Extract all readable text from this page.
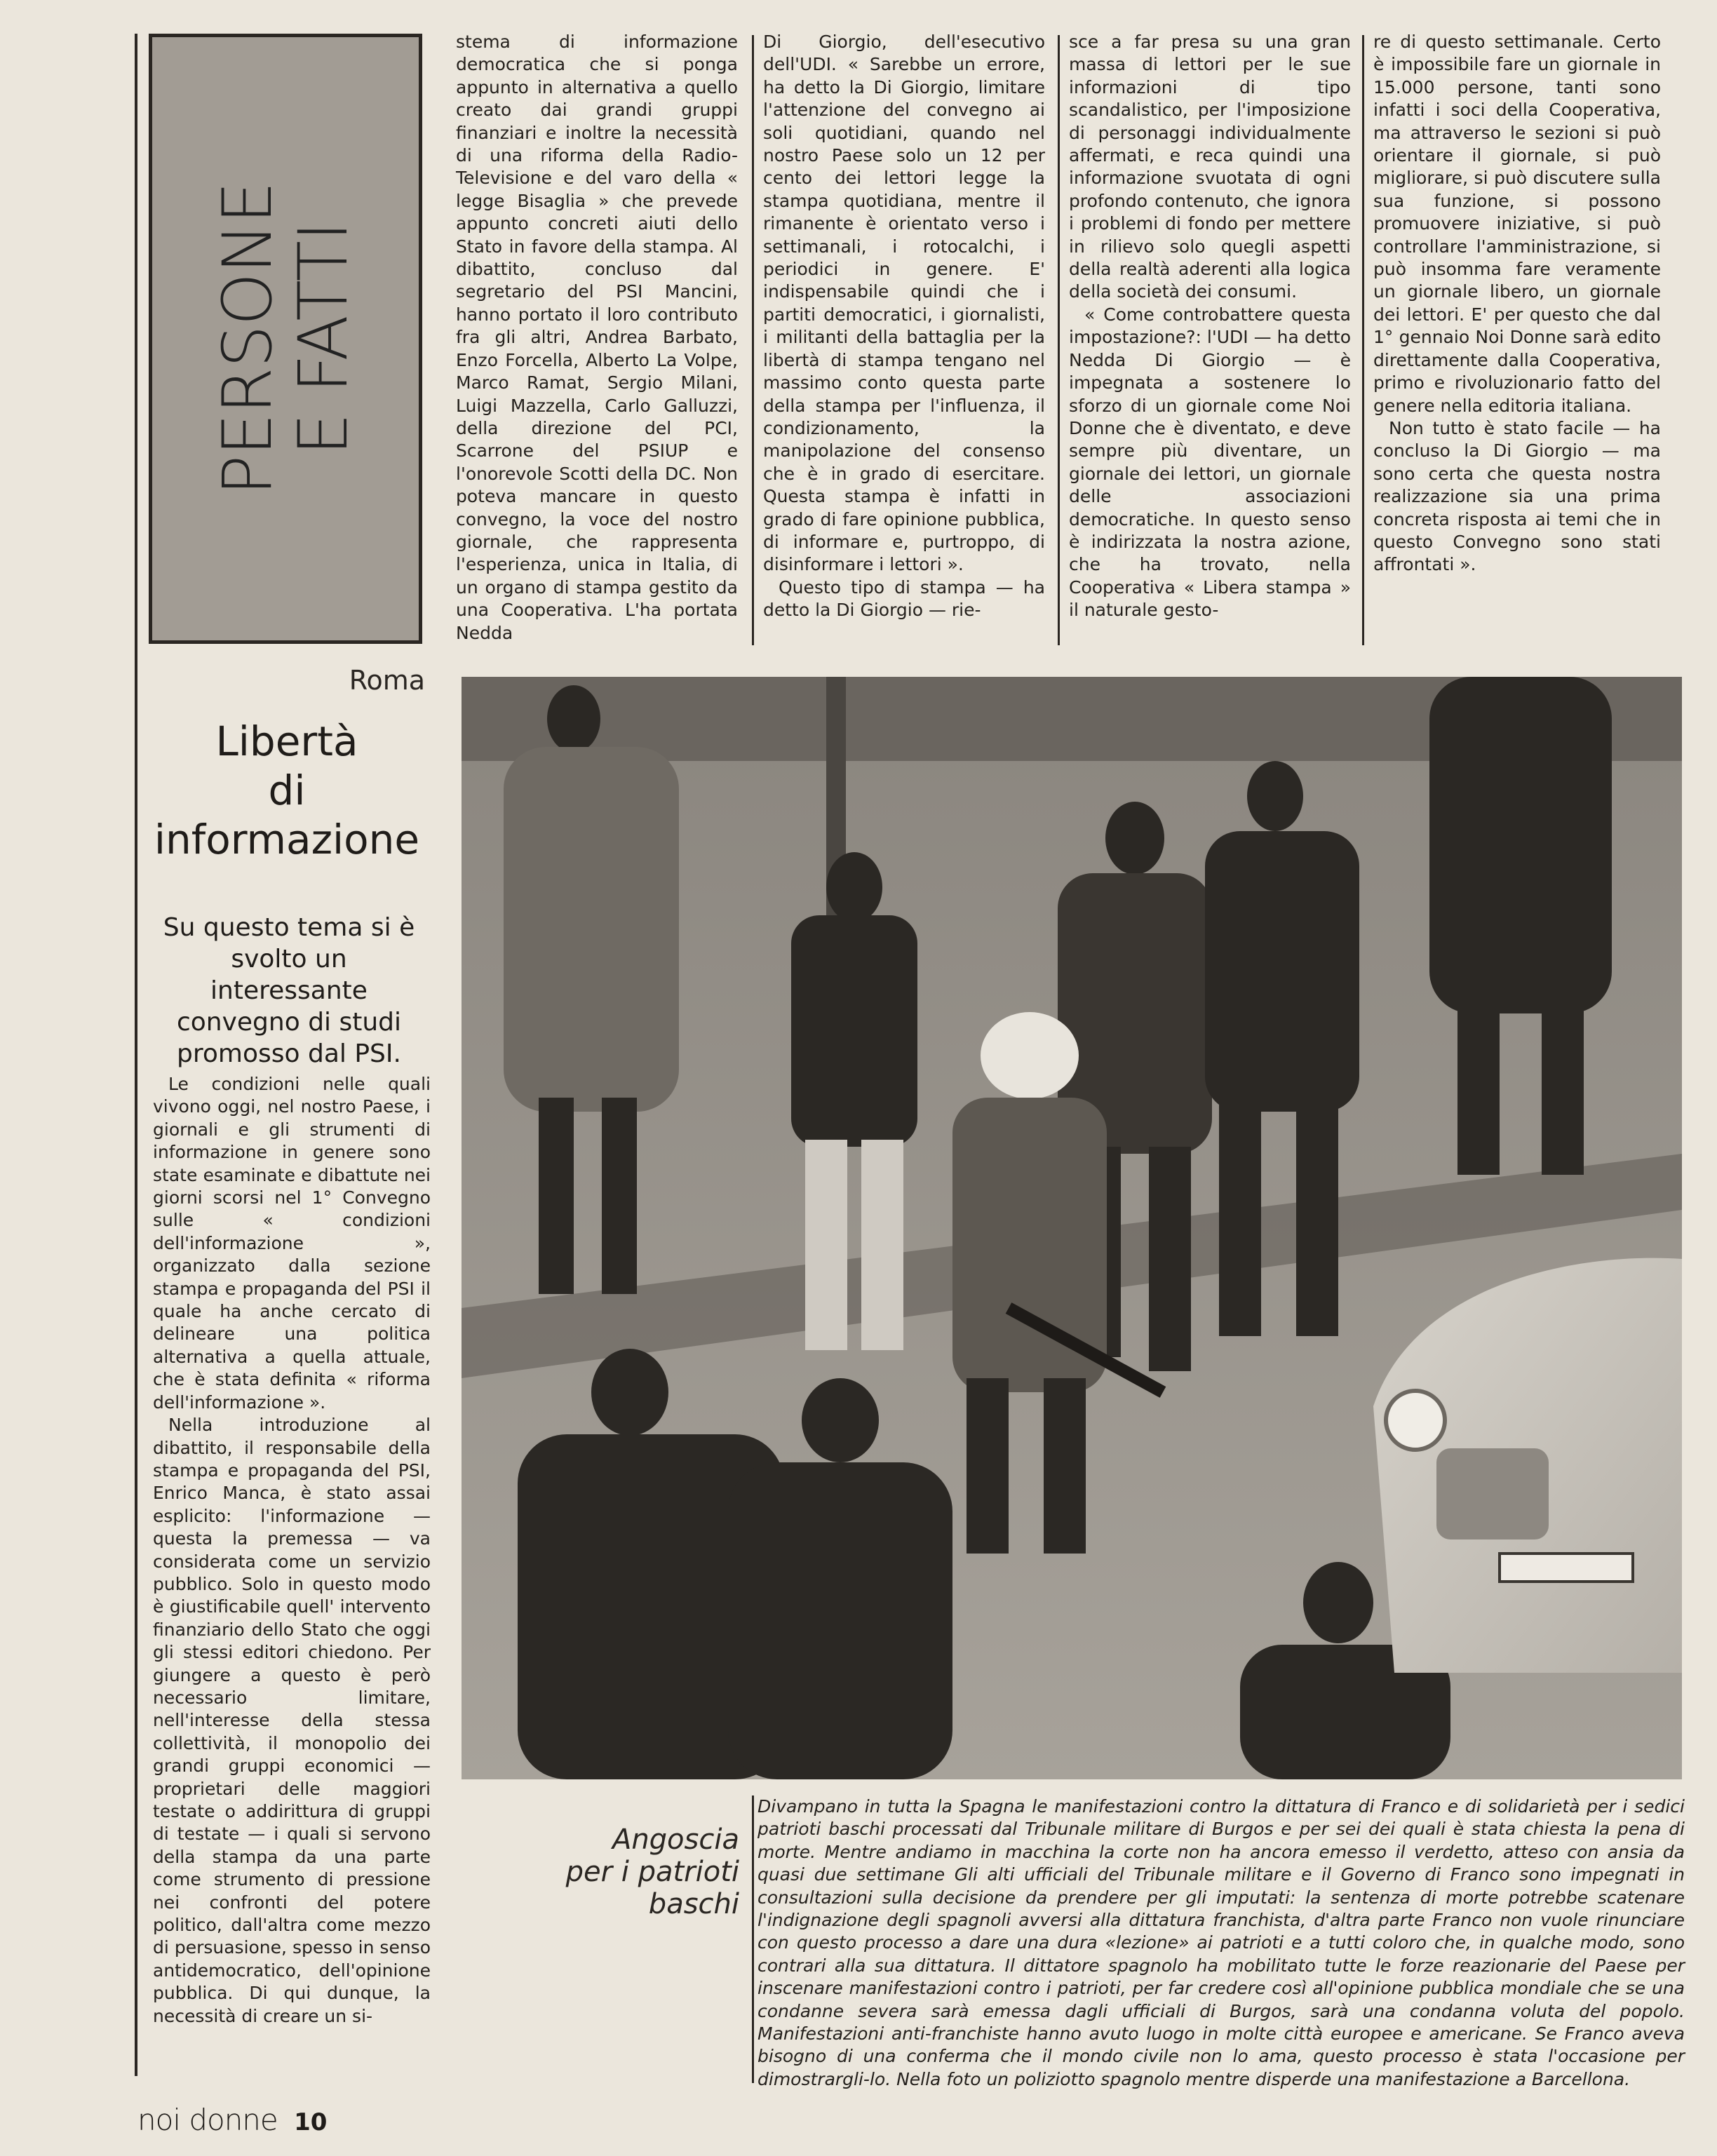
PERSONE
E FATTI
Roma
Libertà
di
informazione
Su questo tema si è svolto un interessante convegno di studi promosso dal PSI.

Le condizioni nelle quali vivono oggi, nel nostro Paese, i giornali e gli strumenti di informazione in genere sono state esaminate e dibattute nei giorni scorsi nel 1° Convegno sulle « condizioni dell'informazione », organizzato dalla sezione stampa e propaganda del PSI il quale ha anche cercato di delineare una politica alternativa a quella attuale, che è stata definita « riforma dell'informazione ».

Nella introduzione al dibattito, il responsabile della stampa e propaganda del PSI, Enrico Manca, è stato assai esplicito: l'informazione — questa la premessa — va considerata come un servizio pubblico. Solo in questo modo è giustificabile quell' intervento finanziario dello Stato che oggi gli stessi editori chiedono. Per giungere a questo è però necessario limitare, nell'interesse della stessa collettività, il monopolio dei grandi gruppi economici — proprietari delle maggiori testate o addirittura di gruppi di testate — i quali si servono della stampa da una parte come strumento di pressione nei confronti del potere politico, dall'altra come mezzo di persuasione, spesso in senso antidemocratico, dell'opinione pubblica. Di qui dunque, la necessità di creare un si-

stema di informazione democratica che si ponga appunto in alternativa a quello creato dai grandi gruppi finanziari e inoltre la necessità di una riforma della Radio-Televisione e del varo della « legge Bisaglia » che prevede appunto concreti aiuti dello Stato in favore della stampa. Al dibattito, concluso dal segretario del PSI Mancini, hanno portato il loro contributo fra gli altri, Andrea Barbato, Enzo Forcella, Alberto La Volpe, Marco Ramat, Sergio Milani, Luigi Mazzella, Carlo Galluzzi, della direzione del PCI, Scarrone del PSIUP e l'onorevole Scotti della DC. Non poteva mancare in questo convegno, la voce del nostro giornale, che rappresenta l'esperienza, unica in Italia, di un organo di stampa gestito da una Cooperativa. L'ha portata Nedda

Di Giorgio, dell'esecutivo dell'UDI. « Sarebbe un errore, ha detto la Di Giorgio, limitare l'attenzione del convegno ai soli quotidiani, quando nel nostro Paese solo un 12 per cento dei lettori legge la stampa quotidiana, mentre il rimanente è orientato verso i settimanali, i rotocalchi, i periodici in genere. E' indispensabile quindi che i partiti democratici, i giornalisti, i militanti della battaglia per la libertà di stampa tengano nel massimo conto questa parte della stampa per l'influenza, il condizionamento, la manipolazione del consenso che è in grado di esercitare. Questa stampa è infatti in grado di fare opinione pubblica, di informare e, purtroppo, di disinformare i lettori ».

Questo tipo di stampa — ha detto la Di Giorgio — rie-

sce a far presa su una gran massa di lettori per le sue informazioni di tipo scandalistico, per l'imposizione di personaggi individualmente affermati, e reca quindi una informazione svuotata di ogni profondo contenuto, che ignora i problemi di fondo per mettere in rilievo solo quegli aspetti della realtà aderenti alla logica della società dei consumi.

« Come controbattere questa impostazione?: l'UDI — ha detto Nedda Di Giorgio — è impegnata a sostenere lo sforzo di un giornale come Noi Donne che è diventato, e deve sempre più diventare, un giornale dei lettori, un giornale delle associazioni democratiche. In questo senso è indirizzata la nostra azione, che ha trovato, nella Cooperativa « Libera stampa » il naturale gesto-

re di questo settimanale. Certo è impossibile fare un giornale in 15.000 persone, tanti sono infatti i soci della Cooperativa, ma attraverso le sezioni si può orientare il giornale, si può migliorare, si può discutere sulla sua funzione, si possono promuovere iniziative, si può controllare l'amministrazione, si può insomma fare veramente un giornale libero, un giornale dei lettori. E' per questo che dal 1° gennaio Noi Donne sarà edito direttamente dalla Cooperativa, primo e rivoluzionario fatto del genere nella editoria italiana.

Non tutto è stato facile — ha concluso la Di Giorgio — ma sono certa che questa nostra realizzazione sia una prima concreta risposta ai temi che in questo Convegno sono stati affrontati ».

Angoscia
per i patrioti
baschi
Divampano in tutta la Spagna le manifestazioni contro la dittatura di Franco e di solidarietà per i sedici patrioti baschi processati dal Tribunale militare di Burgos e per sei dei quali è stata chiesta la pena di morte. Mentre andiamo in macchina la corte non ha ancora emesso il verdetto, atteso con ansia da quasi due settimane Gli alti ufficiali del Tribunale militare e il Governo di Franco sono impegnati in consultazioni sulla decisione da prendere per gli imputati: la sentenza di morte potrebbe scatenare l'indignazione degli spagnoli avversi alla dittatura franchista, d'altra parte Franco non vuole rinunciare con questo processo a dare una dura «lezione» ai patrioti e a tutti coloro che, in qualche modo, sono contrari alla sua dittatura. Il dittatore spagnolo ha mobilitato tutte le forze reazionarie del Paese per inscenare manifestazioni contro i patrioti, per far credere così all'opinione pubblica mondiale che se una condanne severa sarà emessa dagli ufficiali di Burgos, sarà una condanna voluta del popolo. Manifestazioni anti-franchiste hanno avuto luogo in molte città europee e americane. Se Franco aveva bisogno di una conferma che il mondo civile non lo ama, questo processo è stata l'occasione per dimostrargli-lo. Nella foto un poliziotto spagnolo mentre disperde una manifestazione a Barcellona.
noi donne 10
